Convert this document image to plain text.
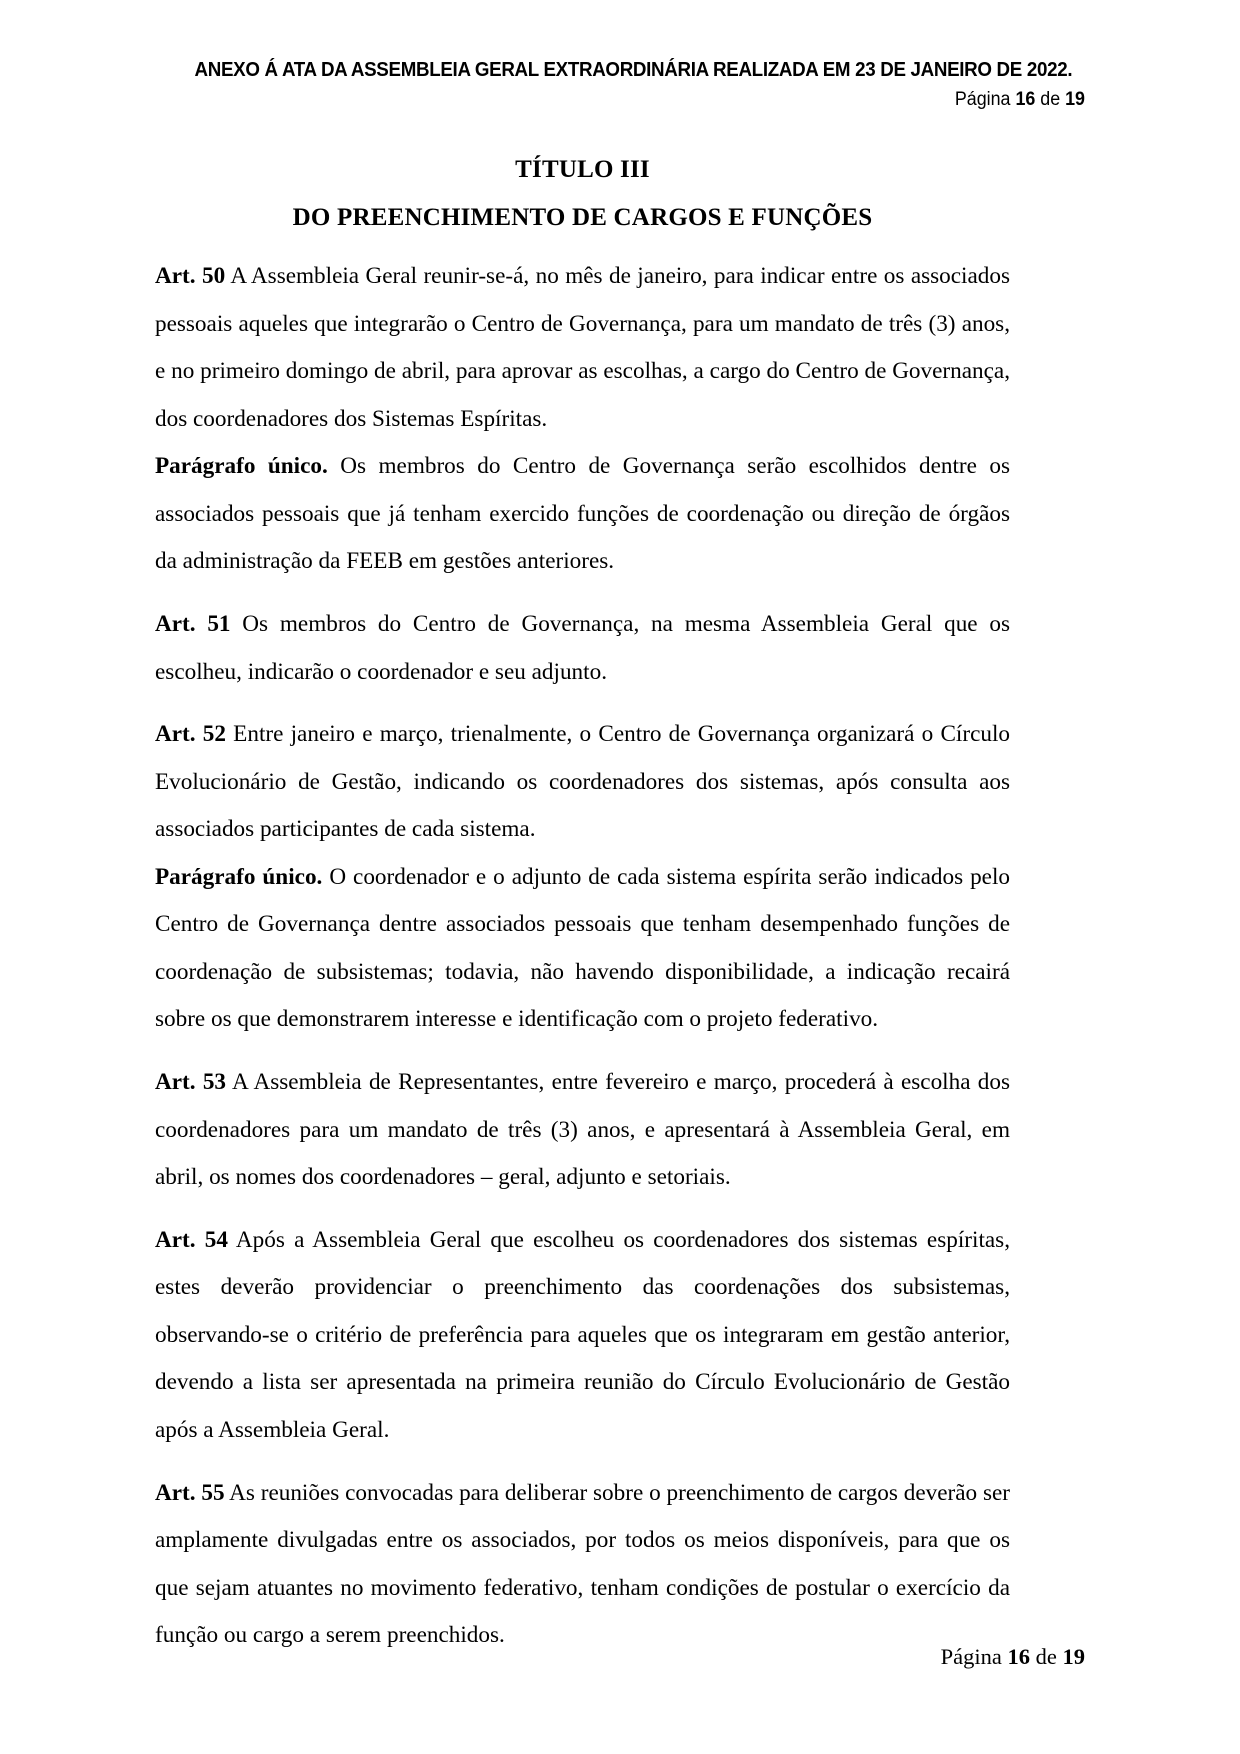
ANEXO Á ATA DA ASSEMBLEIA GERAL EXTRAORDINÁRIA REALIZADA EM 23 DE JANEIRO DE 2022.
Página 16 de 19
TÍTULO III
DO PREENCHIMENTO DE CARGOS E FUNÇÕES

Art. 50 A Assembleia Geral reunir-se-á, no mês de janeiro, para indicar entre os associados pessoais aqueles que integrarão o Centro de Governança, para um mandato de três (3) anos, e no primeiro domingo de abril, para aprovar as escolhas, a cargo do Centro de Governança, dos coordenadores dos Sistemas Espíritas.

Parágrafo único. Os membros do Centro de Governança serão escolhidos dentre os associados pessoais que já tenham exercido funções de coordenação ou direção de órgãos da administração da FEEB em gestões anteriores.

Art. 51 Os membros do Centro de Governança, na mesma Assembleia Geral que os escolheu, indicarão o coordenador e seu adjunto.

Art. 52 Entre janeiro e março, trienalmente, o Centro de Governança organizará o Círculo Evolucionário de Gestão, indicando os coordenadores dos sistemas, após consulta aos associados participantes de cada sistema.

Parágrafo único. O coordenador e o adjunto de cada sistema espírita serão indicados pelo Centro de Governança dentre associados pessoais que tenham desempenhado funções de coordenação de subsistemas; todavia, não havendo disponibilidade, a indicação recairá sobre os que demonstrarem interesse e identificação com o projeto federativo.

Art. 53 A Assembleia de Representantes, entre fevereiro e março, procederá à escolha dos coordenadores para um mandato de três (3) anos, e apresentará à Assembleia Geral, em abril, os nomes dos coordenadores – geral, adjunto e setoriais.

Art. 54 Após a Assembleia Geral que escolheu os coordenadores dos sistemas espíritas, estes deverão providenciar o preenchimento das coordenações dos subsistemas, observando-se o critério de preferência para aqueles que os integraram em gestão anterior, devendo a lista ser apresentada na primeira reunião do Círculo Evolucionário de Gestão após a Assembleia Geral.

Art. 55 As reuniões convocadas para deliberar sobre o preenchimento de cargos deverão ser amplamente divulgadas entre os associados, por todos os meios disponíveis, para que os que sejam atuantes no movimento federativo, tenham condições de postular o exercício da função ou cargo a serem preenchidos.

Página 16 de 19
